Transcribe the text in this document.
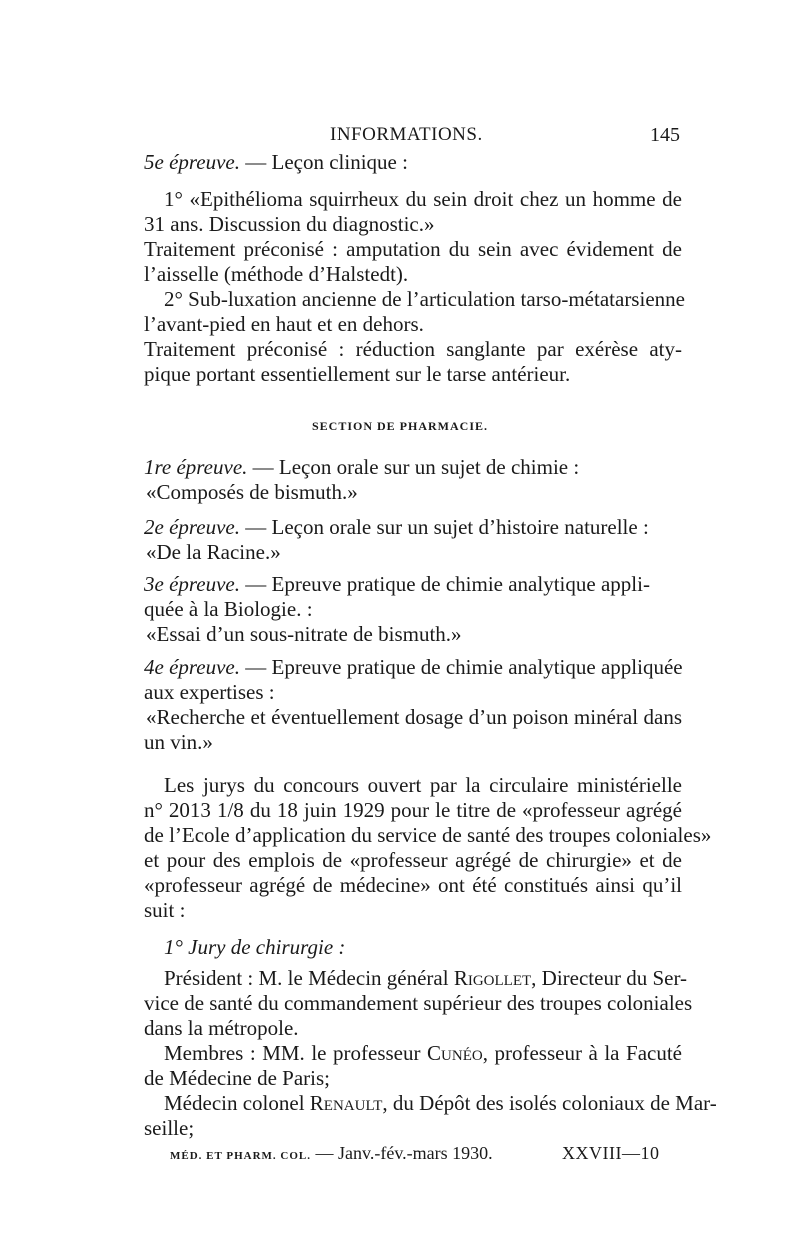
INFORMATIONS.	145
5e épreuve. — Leçon clinique :
1° «Epithélioma squirrheux du sein droit chez un homme de
31 ans. Discussion du diagnostic.»
Traitement préconisé : amputation du sein avec évidement de
l’aisselle (méthode d’Halstedt).
2° Sub-luxation ancienne de l’articulation tarso-métatarsienne
l’avant-pied en haut et en dehors.
Traitement préconisé : réduction sanglante par exérèse aty-
pique portant essentiellement sur le tarse antérieur.
SECTION DE PHARMACIE.
1re épreuve. — Leçon orale sur un sujet de chimie :
«Composés de bismuth.»
2e épreuve. — Leçon orale sur un sujet d’histoire naturelle :
«De la Racine.»
3e épreuve. — Epreuve pratique de chimie analytique appli-
quée à la Biologie. :
«Essai d’un sous-nitrate de bismuth.»
4e épreuve. — Epreuve pratique de chimie analytique appliquée
aux expertises :
«Recherche et éventuellement dosage d’un poison minéral dans
un vin.»
Les jurys du concours ouvert par la circulaire ministérielle
n° 2013 1/8 du 18 juin 1929 pour le titre de «professeur agrégé
de l’Ecole d’application du service de santé des troupes coloniales»
et pour des emplois de «professeur agrégé de chirurgie» et de
«professeur agrégé de médecine» ont été constitués ainsi qu’il
suit :
1° Jury de chirurgie :
Président : M. le Médecin général Rigollet, Directeur du Ser-
vice de santé du commandement supérieur des troupes coloniales
dans la métropole.
Membres : MM. le professeur Cunéo, professeur à la Facuté
de Médecine de Paris;
Médecin colonel Renault, du Dépôt des isolés coloniaux de Mar-
seille;
MÉD. ET PHARM. COL. — Janv.-fév.-mars 1930.	XXVIII—10
